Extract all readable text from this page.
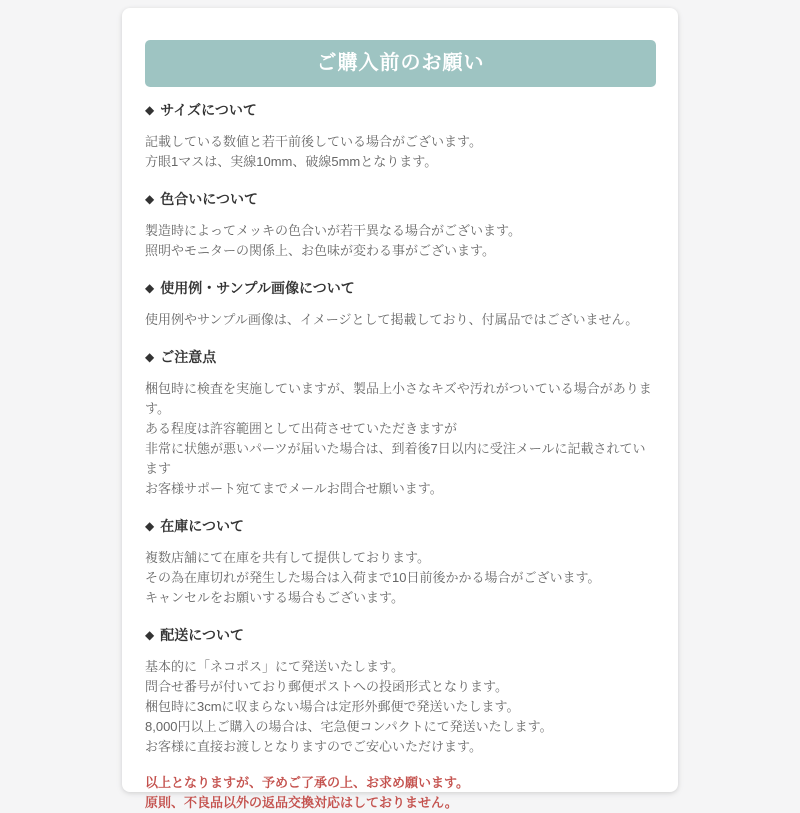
ご購入前のお願い
◆ サイズについて

記載している数値と若干前後している場合がございます。

方眼1マスは、実線10mm、破線5mmとなります。

◆ 色合いについて

製造時によってメッキの色合いが若干異なる場合がございます。

照明やモニターの関係上、お色味が変わる事がございます。

◆ 使用例・サンプル画像について

使用例やサンプル画像は、イメージとして掲載しており、付属品ではございません。

◆ ご注意点

梱包時に検査を実施していますが、製品上小さなキズや汚れがついている場合があります。

ある程度は許容範囲として出荷させていただきますが

非常に状態が悪いパーツが届いた場合は、到着後7日以内に受注メールに記載されています

お客様サポート宛てまでメールお問合せ願います。

◆ 在庫について

複数店舗にて在庫を共有して提供しております。

その為在庫切れが発生した場合は入荷まで10日前後かかる場合がございます。

キャンセルをお願いする場合もございます。

◆ 配送について

基本的に「ネコポス」にて発送いたします。

問合せ番号が付いており郵便ポストへの投函形式となります。

梱包時に3cmに収まらない場合は定形外郵便で発送いたします。

8,000円以上ご購入の場合は、宅急便コンパクトにて発送いたします。

お客様に直接お渡しとなりますのでご安心いただけます。

以上となりますが、予めご了承の上、お求め願います。

原則、不良品以外の返品交換対応はしておりません。
